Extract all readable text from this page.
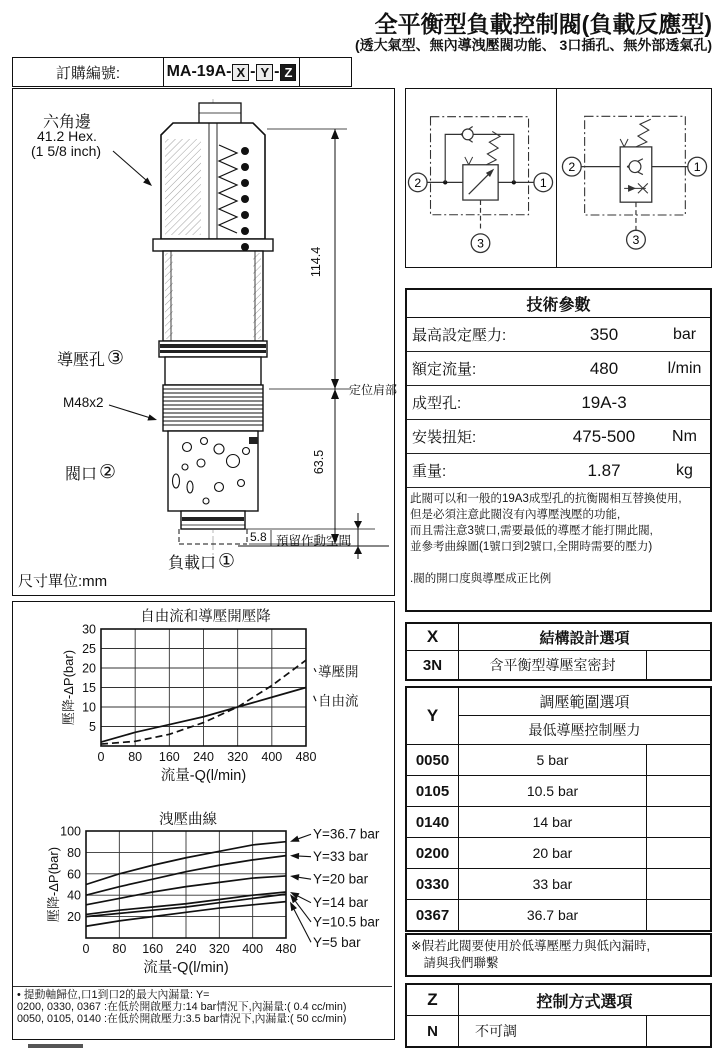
全平衡型負載控制閥(負載反應型)
(透大氣型、無內導洩壓閥功能、 3口插孔、無外部透氣孔)
訂購編號:	MA-19A- X - Y - Z
六角邊
41.2 Hex.
(1 5/8 inch)
導壓孔 ③
M48x2
閥口 ②
負載口 ①
尺寸單位:mm
定位肩部
114.4
63.5
5.8 預留作動空間
2	1
3
2	1
3
技術參數
最高設定壓力:	350	bar
額定流量:	480	l/min
成型孔:	19A-3
安裝扭矩:	475-500	Nm
重量:	1.87	kg
此閥可以和一般的19A3成型孔的抗衡閥相互替換使用,
但是必須注意此閥沒有內導壓洩壓的功能,
而且需注意3號口,需要最低的導壓才能打開此閥,
並參考曲線圖(1號口到2號口,全開時需要的壓力)
.閥的開口度與導壓成正比例
自由流和導壓開壓降
0 80 160 240 320 400 480
5
10
15
20
25
30
流量-Q(l/min)
壓降-ΔP(bar)	導壓開
自由流
洩壓曲線
0 80 160 240 320 400 480
20
40
60
80
100
流量-Q(l/min)
壓降-ΔP(bar)
Y=36.7 bar
Y=33 bar
Y=20 bar
Y=14 bar
Y=10.5 bar
Y=5 bar
• 提動軸歸位,口1到口2的最大內漏量: Y=
0200, 0330, 0367 :在低於開啟壓力:14 bar情況下,內漏量:( 0.4 cc/min)
0050, 0105, 0140 :在低於開啟壓力:3.5 bar情況下,內漏量:( 50 cc/min)
X	結構設計選項
3N	含平衡型導壓室密封
Y
調壓範圍選項
最低導壓控制壓力
0050	5 bar
0105	10.5 bar
0140	14 bar
0200	20 bar
0330	33 bar
0367	36.7 bar
※假若此閥要使用於低導壓壓力與低內漏時,
　請與我們聯繫
Z	控制方式選項
N	不可調
